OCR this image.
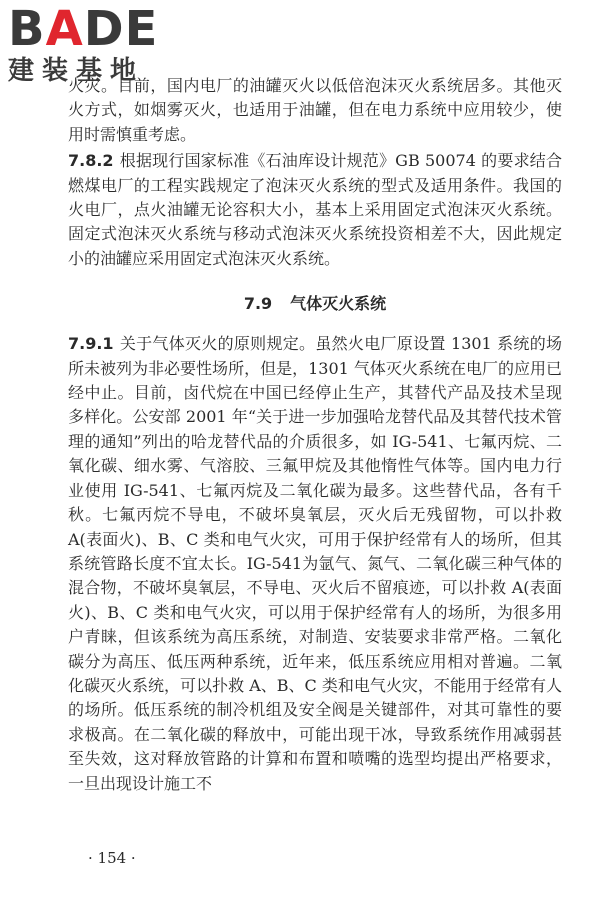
BADE
建装基地

火灾。目前，国内电厂的油罐灭火以低倍泡沫灭火系统居多。其他灭火方式，如烟雾灭火，也适用于油罐，但在电力系统中应用较少，使用时需慎重考虑。

7.8.2 根据现行国家标准《石油库设计规范》GB 50074 的要求结合燃煤电厂的工程实践规定了泡沫灭火系统的型式及适用条件。我国的火电厂，点火油罐无论容积大小，基本上采用固定式泡沫灭火系统。固定式泡沫灭火系统与移动式泡沫灭火系统投资相差不大，因此规定小的油罐应采用固定式泡沫灭火系统。

7.9 气体灭火系统

7.9.1 关于气体灭火的原则规定。虽然火电厂原设置 1301 系统的场所未被列为非必要性场所，但是，1301 气体灭火系统在电厂的应用已经中止。目前，卤代烷在中国已经停止生产，其替代产品及技术呈现多样化。公安部 2001 年“关于进一步加强哈龙替代品及其替代技术管理的通知”列出的哈龙替代品的介质很多，如 IG-541、七氟丙烷、二氧化碳、细水雾、气溶胶、三氟甲烷及其他惰性气体等。国内电力行业使用 IG-541、七氟丙烷及二氧化碳为最多。这些替代品，各有千秋。七氟丙烷不导电，不破坏臭氧层，灭火后无残留物，可以扑救 A(表面火)、B、C 类和电气火灾，可用于保护经常有人的场所，但其系统管路长度不宜太长。IG-541为氩气、氮气、二氧化碳三种气体的混合物，不破坏臭氧层，不导电、灭火后不留痕迹，可以扑救 A(表面火)、B、C 类和电气火灾，可以用于保护经常有人的场所，为很多用户青睐，但该系统为高压系统，对制造、安装要求非常严格。二氧化碳分为高压、低压两种系统，近年来，低压系统应用相对普遍。二氧化碳灭火系统，可以扑救 A、B、C 类和电气火灾，不能用于经常有人的场所。低压系统的制冷机组及安全阀是关键部件，对其可靠性的要求极高。在二氧化碳的释放中，可能出现干冰，导致系统作用减弱甚至失效，这对释放管路的计算和布置和喷嘴的选型均提出严格要求，一旦出现设计施工不

· 154 ·
